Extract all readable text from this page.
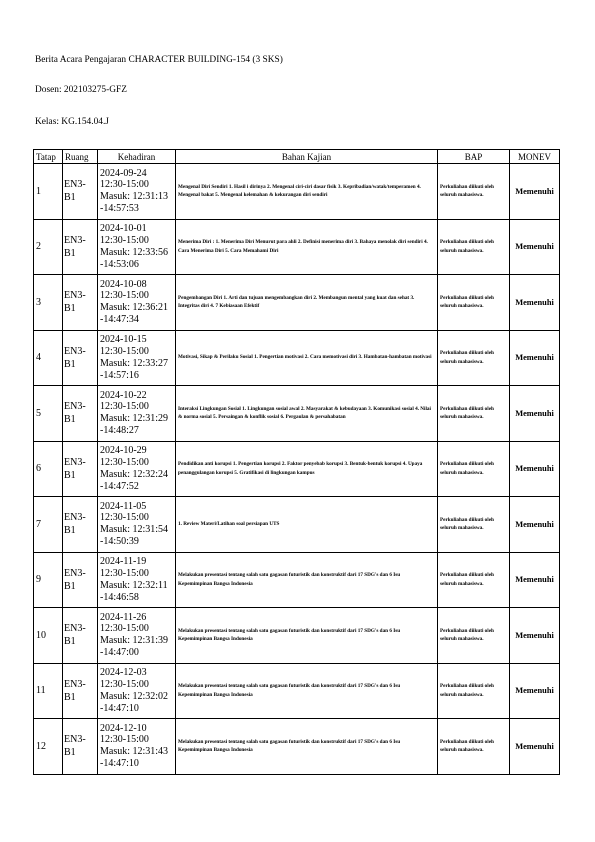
Berita Acara Pengajaran CHARACTER BUILDING-154 (3 SKS)
Dosen: 202103275-GFZ
Kelas: KG.154.04.J
Tatap	Ruang	Kehadiran	Bahan Kajian	BAP	MONEV
1	EN3-B1	2024-09-24
12:30-15:00
Masuk: 12:31:13
-14:57:53	Mengenal Diri Sendiri 1. Hasil i dirinya 2. Mengenal ciri-ciri dasar fisik 3. Kepribadian/watak/temperamen 4. Mengenal bakat 5. Mengenal kelemahan & kekurangan diri sendiri	Perkuliahan diikuti oleh seluruh mahasiswa.	Memenuhi
2	EN3-B1	2024-10-01
12:30-15:00
Masuk: 12:33:56
-14:53:06	Menerima Diri : 1. Menerima Diri Menurut para ahli 2. Definisi menerima diri 3. Bahaya menolak diri sendiri 4. Cara Menerima Diri 5. Cara Memahami Diri	Perkuliahan diikuti oleh seluruh mahasiswa.	Memenuhi
3	EN3-B1	2024-10-08
12:30-15:00
Masuk: 12:36:21
-14:47:34	Pengembangan Diri 1. Arti dan tujuan mengembangkan diri 2. Membangun mental yang kuat dan sehat 3. Integritas diri 4. 7 Kebiasaan Efektif	Perkuliahan diikuti oleh seluruh mahasiswa.	Memenuhi
4	EN3-B1	2024-10-15
12:30-15:00
Masuk: 12:33:27
-14:57:16	Motivasi, Sikap & Perilaku Sosial 1. Pengertian motivasi 2. Cara memotivasi diri 3. Hambatan-hambatan motivasi	Perkuliahan diikuti oleh seluruh mahasiswa.	Memenuhi
5	EN3-B1	2024-10-22
12:30-15:00
Masuk: 12:31:29
-14:48:27	Interaksi Lingkungan Sosial 1. Lingkungan sosial awal 2. Masyarakat & kebudayaan 3. Komunikasi sosial 4. Nilai & norma sosial 5. Persaingan & konflik sosial 6. Pergaulan & persahabatan	Perkuliahan diikuti oleh seluruh mahasiswa.	Memenuhi
6	EN3-B1	2024-10-29
12:30-15:00
Masuk: 12:32:24
-14:47:52	Pendidikan anti korupsi 1. Pengertian korupsi 2. Faktor penyebab korupsi 3. Bentuk-bentuk korupsi 4. Upaya penanggulangan korupsi 5. Gratifikasi di lingkungan kampus	Perkuliahan diikuti oleh seluruh mahasiswa.	Memenuhi
7	EN3-B1	2024-11-05
12:30-15:00
Masuk: 12:31:54
-14:50:39	1. Review Materi/Latihan soal persiapan UTS	Perkuliahan diikuti oleh seluruh mahasiswa.	Memenuhi
9	EN3-B1	2024-11-19
12:30-15:00
Masuk: 12:32:11
-14:46:58	Melakukan presentasi tentang salah satu gagasan futuristik dan konstruktif dari 17 SDG's dan 6 Isu Kepemimpinan Bangsa Indonesia	Perkuliahan diikuti oleh seluruh mahasiswa.	Memenuhi
10	EN3-B1	2024-11-26
12:30-15:00
Masuk: 12:31:39
-14:47:00	Melakukan presentasi tentang salah satu gagasan futuristik dan konstruktif dari 17 SDG's dan 6 Isu Kepemimpinan Bangsa Indonesia	Perkuliahan diikuti oleh seluruh mahasiswa.	Memenuhi
11	EN3-B1	2024-12-03
12:30-15:00
Masuk: 12:32:02
-14:47:10	Melakukan presentasi tentang salah satu gagasan futuristik dan konstruktif dari 17 SDG's dan 6 Isu Kepemimpinan Bangsa Indonesia	Perkuliahan diikuti oleh seluruh mahasiswa.	Memenuhi
12	EN3-B1	2024-12-10
12:30-15:00
Masuk: 12:31:43
-14:47:10	Melakukan presentasi tentang salah satu gagasan futuristik dan konstruktif dari 17 SDG's dan 6 Isu Kepemimpinan Bangsa Indonesia	Perkuliahan diikuti oleh seluruh mahasiswa.	Memenuhi
